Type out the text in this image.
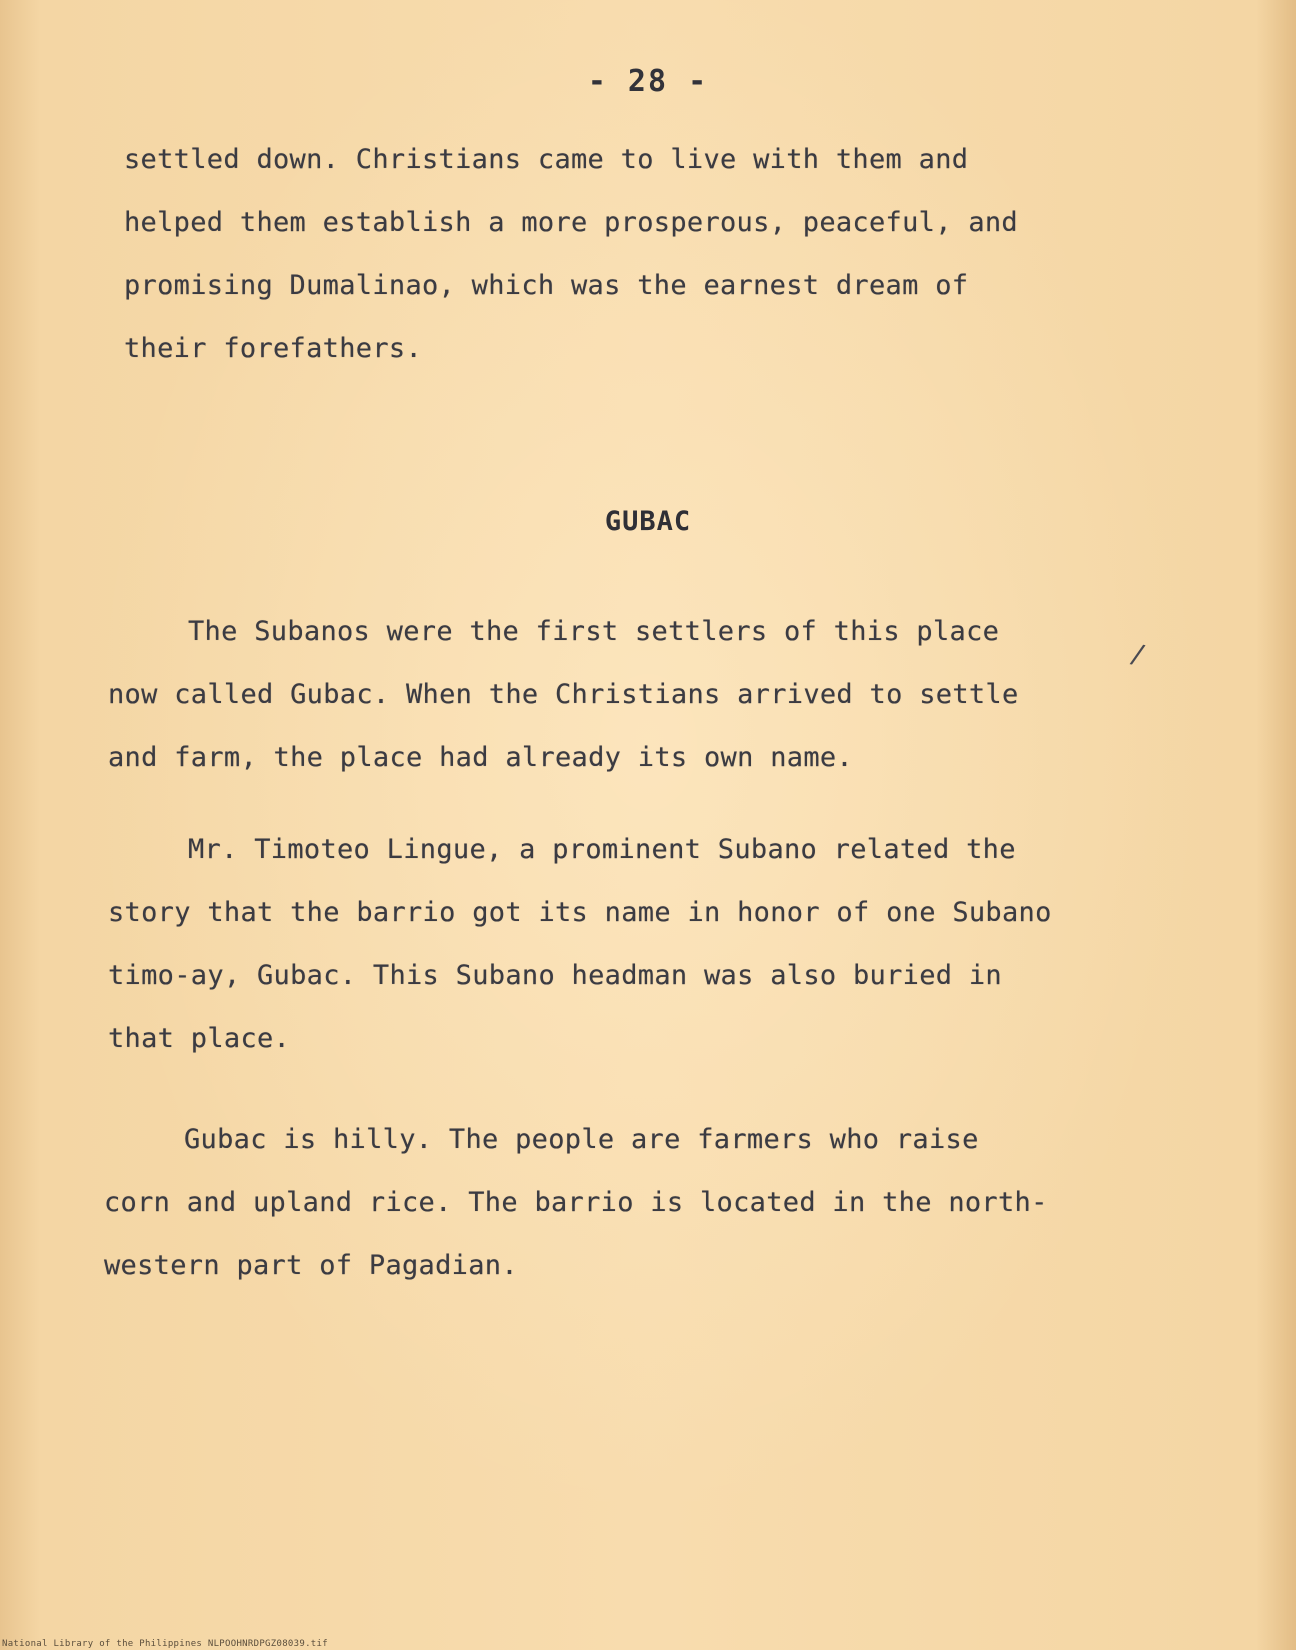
- 28 -
settled down. Christians came to live with them and
helped them establish a more prosperous, peaceful, and
promising Dumalinao, which was the earnest dream of
their forefathers.
GUBAC
The Subanos were the first settlers of this place
now called Gubac. When the Christians arrived to settle
and farm, the place had already its own name.
Mr. Timoteo Lingue, a prominent Subano related the
story that the barrio got its name in honor of one Subano
timo-ay, Gubac. This Subano headman was also buried in
that place.
Gubac is hilly. The people are farmers who raise
corn and upland rice. The barrio is located in the north-
western part of Pagadian.
/
National Library of the Philippines NLPOOHNRDPGZ08039.tif
